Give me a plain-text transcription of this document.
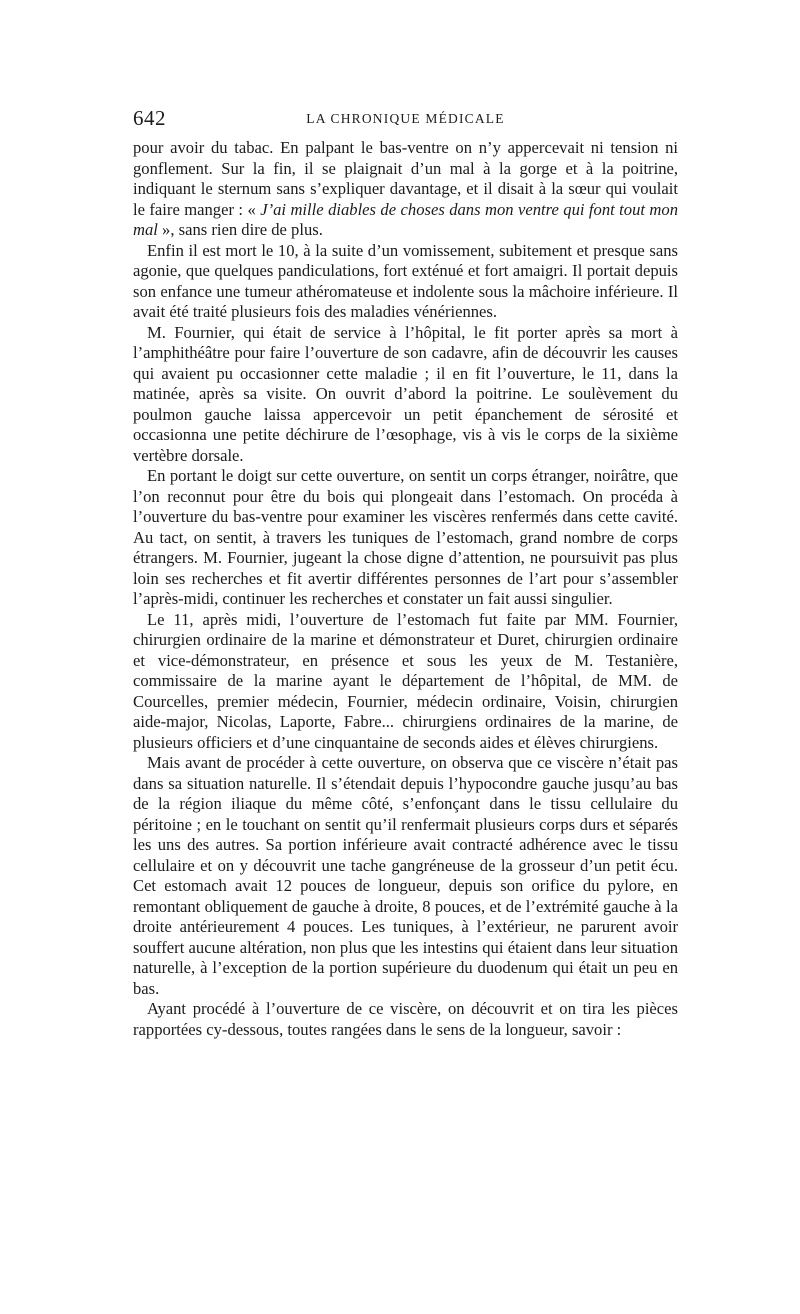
642	LA CHRONIQUE MÉDICALE

pour avoir du tabac. En palpant le bas-ventre on n’y appercevait ni tension ni gonflement. Sur la fin, il se plaignait d’un mal à la gorge et à la poitrine, indiquant le sternum sans s’expliquer davantage, et il disait à la sœur qui voulait le faire manger : « J’ai mille diables de choses dans mon ventre qui font tout mon mal », sans rien dire de plus.

Enfin il est mort le 10, à la suite d’un vomissement, subitement et presque sans agonie, que quelques pandiculations, fort exténué et fort amaigri. Il portait depuis son enfance une tumeur athéromateuse et indolente sous la mâchoire inférieure. Il avait été traité plusieurs fois des maladies vénériennes.

M. Fournier, qui était de service à l’hôpital, le fit porter après sa mort à l’amphithéâtre pour faire l’ouverture de son cadavre, afin de découvrir les causes qui avaient pu occasionner cette maladie ; il en fit l’ouverture, le 11, dans la matinée, après sa visite. On ouvrit d’abord la poitrine. Le soulèvement du poulmon gauche laissa appercevoir un petit épanchement de sérosité et occasionna une petite déchirure de l’œsophage, vis à vis le corps de la sixième vertèbre dorsale.

En portant le doigt sur cette ouverture, on sentit un corps étranger, noirâtre, que l’on reconnut pour être du bois qui plongeait dans l’estomach. On procéda à l’ouverture du bas-ventre pour examiner les viscères renfermés dans cette cavité. Au tact, on sentit, à travers les tuniques de l’estomach, grand nombre de corps étrangers. M. Fournier, jugeant la chose digne d’attention, ne poursuivit pas plus loin ses recherches et fit avertir différentes personnes de l’art pour s’assembler l’après-midi, continuer les recherches et constater un fait aussi singulier.

Le 11, après midi, l’ouverture de l’estomach fut faite par MM. Fournier, chirurgien ordinaire de la marine et démonstrateur et Duret, chirurgien ordinaire et vice-démonstrateur, en présence et sous les yeux de M. Testanière, commissaire de la marine ayant le département de l’hôpital, de MM. de Courcelles, premier médecin, Fournier, médecin ordinaire, Voisin, chirurgien aide-major, Nicolas, Laporte, Fabre... chirurgiens ordinaires de la marine, de plusieurs officiers et d’une cinquantaine de seconds aides et élèves chirurgiens.

Mais avant de procéder à cette ouverture, on observa que ce viscère n’était pas dans sa situation naturelle. Il s’étendait depuis l’hypocondre gauche jusqu’au bas de la région iliaque du même côté, s’enfonçant dans le tissu cellulaire du péritoine ; en le touchant on sentit qu’il renfermait plusieurs corps durs et séparés les uns des autres. Sa portion inférieure avait contracté adhérence avec le tissu cellulaire et on y découvrit une tache gangréneuse de la grosseur d’un petit écu. Cet estomach avait 12 pouces de longueur, depuis son orifice du pylore, en remontant obliquement de gauche à droite, 8 pouces, et de l’extrémité gauche à la droite antérieurement 4 pouces. Les tuniques, à l’extérieur, ne parurent avoir souffert aucune altération, non plus que les intestins qui étaient dans leur situation naturelle, à l’exception de la portion supérieure du duodenum qui était un peu en bas.

Ayant procédé à l’ouverture de ce viscère, on découvrit et on tira les pièces rapportées cy-dessous, toutes rangées dans le sens de la longueur, savoir :
